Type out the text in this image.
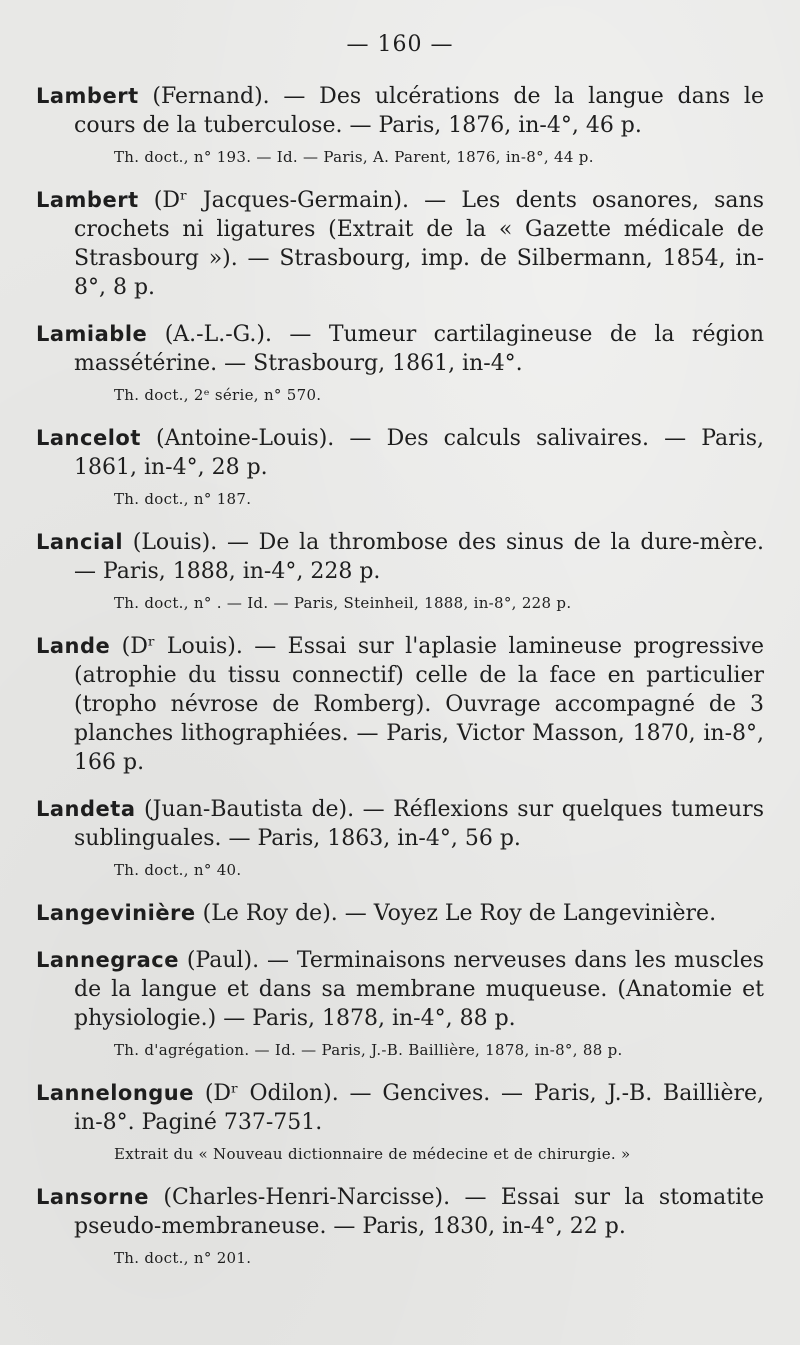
— 160 —

Lambert (Fernand). — Des ulcérations de la langue dans le cours de la tuberculose. — Paris, 1876, in-4°, 46 p.

Th. doct., n° 193. — Id. — Paris, A. Parent, 1876, in-8°, 44 p.

Lambert (Dʳ Jacques-Germain). — Les dents osanores, sans crochets ni ligatures (Extrait de la « Gazette médicale de Strasbourg »). — Strasbourg, imp. de Silbermann, 1854, in-8°, 8 p.

Lamiable (A.-L.-G.). — Tumeur cartilagineuse de la région massétérine. — Strasbourg, 1861, in-4°.

Th. doct., 2ᵉ série, n° 570.

Lancelot (Antoine-Louis). — Des calculs salivaires. — Paris, 1861, in-4°, 28 p.

Th. doct., n° 187.

Lancial (Louis). — De la thrombose des sinus de la dure-mère. — Paris, 1888, in-4°, 228 p.

Th. doct., n° . — Id. — Paris, Steinheil, 1888, in-8°, 228 p.

Lande (Dʳ Louis). — Essai sur l'aplasie lamineuse progressive (atrophie du tissu connectif) celle de la face en particulier (tropho névrose de Romberg). Ouvrage accompagné de 3 planches lithographiées. — Paris, Victor Masson, 1870, in-8°, 166 p.

Landeta (Juan-Bautista de). — Réflexions sur quelques tumeurs sublinguales. — Paris, 1863, in-4°, 56 p.

Th. doct., n° 40.

Langevinière (Le Roy de). — Voyez Le Roy de Langevinière.

Lannegrace (Paul). — Terminaisons nerveuses dans les muscles de la langue et dans sa membrane muqueuse. (Anatomie et physiologie.) — Paris, 1878, in-4°, 88 p.

Th. d'agrégation. — Id. — Paris, J.-B. Baillière, 1878, in-8°, 88 p.

Lannelongue (Dʳ Odilon). — Gencives. — Paris, J.-B. Baillière, in-8°. Paginé 737-751.

Extrait du « Nouveau dictionnaire de médecine et de chirurgie. »

Lansorne (Charles-Henri-Narcisse). — Essai sur la stomatite pseudo-membraneuse. — Paris, 1830, in-4°, 22 p.

Th. doct., n° 201.
